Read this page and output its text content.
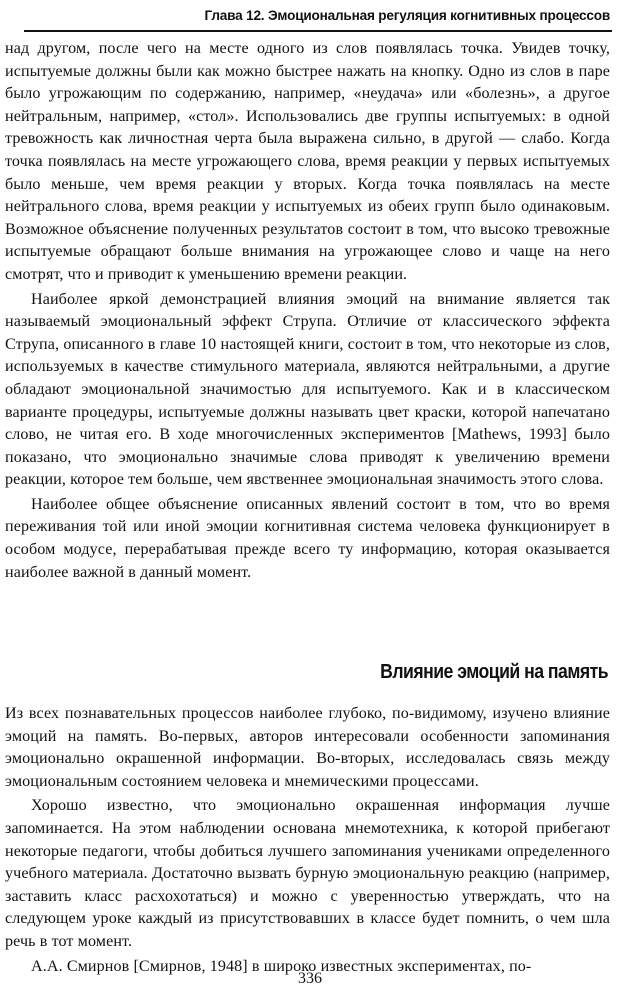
Глава 12. Эмоциональная регуляция когнитивных процессов

над другом, после чего на месте одного из слов появлялась точка. Увидев точку, испытуемые должны были как можно быстрее нажать на кнопку. Одно из слов в паре было угрожающим по содержанию, например, «неудача» или «болезнь», а другое нейтральным, например, «стол». Использовались две группы испытуемых: в одной тревожность как личностная черта была выражена сильно, в другой — слабо. Когда точка появлялась на месте угрожающего слова, время реакции у первых испытуемых было меньше, чем время реакции у вторых. Когда точка появлялась на месте нейтрального слова, время реакции у испытуемых из обеих групп было одинаковым. Возможное объяснение полученных результатов состоит в том, что высоко тревожные испытуемые обращают больше внимания на угрожающее слово и чаще на него смотрят, что и приводит к уменьшению времени реакции.

Наиболее яркой демонстрацией влияния эмоций на внимание является так называемый эмоциональный эффект Струпа. Отличие от классического эффекта Струпа, описанного в главе 10 настоящей книги, состоит в том, что некоторые из слов, используемых в качестве стимульного материала, являются нейтральными, а другие обладают эмоциональной значимостью для испытуемого. Как и в классическом варианте процедуры, испытуемые должны называть цвет краски, которой напечатано слово, не читая его. В ходе многочисленных экспериментов [Mathews, 1993] было показано, что эмоционально значимые слова приводят к увеличению времени реакции, которое тем больше, чем явственнее эмоциональная значимость этого слова.

Наиболее общее объяснение описанных явлений состоит в том, что во время переживания той или иной эмоции когнитивная система человека функционирует в особом модусе, перерабатывая прежде всего ту информацию, которая оказывается наиболее важной в данный момент.

Влияние эмоций на память

Из всех познавательных процессов наиболее глубоко, по-видимому, изучено влияние эмоций на память. Во-первых, авторов интересовали особенности запоминания эмоционально окрашенной информации. Во-вторых, исследовалась связь между эмоциональным состоянием человека и мнемическими процессами.

Хорошо известно, что эмоционально окрашенная информация лучше запоминается. На этом наблюдении основана мнемотехника, к которой прибегают некоторые педагоги, чтобы добиться лучшего запоминания учениками определенного учебного материала. Достаточно вызвать бурную эмоциональную реакцию (например, заставить класс расхохотаться) и можно с уверенностью утверждать, что на следующем уроке каждый из присутствовавших в классе будет помнить, о чем шла речь в тот момент.

А.А. Смирнов [Смирнов, 1948] в широко известных экспериментах, по-

336
